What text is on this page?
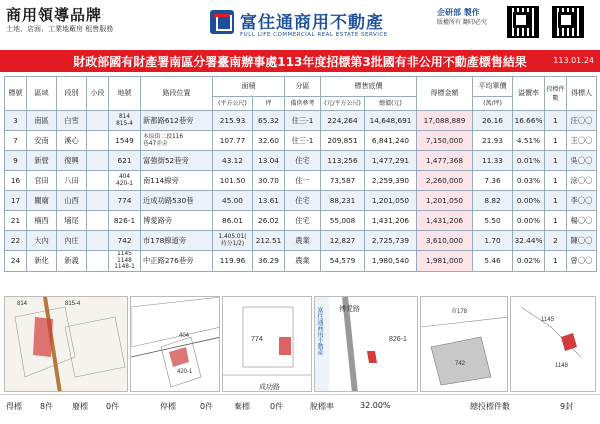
商用領導品牌
土地、店面、工業地廠房 租售服務	富住通商用不動產
FULL LIFE COMMERCIAL REAL ESTATE SERVICE
企研部 製作
版權所有 翻印必究
財政部國有財產署南區分署臺南辦事處113年度招標第3批國有非公用不動產標售結果	113.01.24
標號	區域	段別	小段	地號	路段位置	面積		分區	標售底價		得標金額	平均單價	溢價率	投標件數	得標人
						(平方公尺)	坪	備供參考	(元/平方公尺)	總價(元)		(萬/坪)			
3	南區	白雪		814
815-4	新都路612巷旁	215.93	65.32	住三-1	224,264	14,648,691	17,088,889	26.16	16.66%	1	汪〇〇
7	安南	溪心		1549	本原街二段116
巷47弄旁	107.77	32.60	住三-1	209,851	6,841,240	7,150,000	21.93	4.51%	1	王〇〇
9	新營	復興		621	富強街52巷旁	43.12	13.04	住宅	113,256	1,477,291	1,477,368	11.33	0.01%	1	吳〇〇
16	官田	八田		404
420-1	南114線旁	101.50	30.70	住一	73,587	2,259,390	2,260,000	7.36	0.03%	1	涂〇〇
17	關廟	山西		774	近成功路530巷	45.00	13.61	住宅	88,231	1,201,050	1,201,050	8.82	0.00%	1	李〇〇
21	楠西	埔尾		826-1	博愛路旁	86.01	26.02	住宅	55,008	1,431,206	1,431,206	5.50	0.00%	1	楊〇〇
22	大內	內庄		742	市178線道旁	1,405.01(
持分1/2)	212.51	農業	12,827	2,725,739	3,610,000	1.70	32.44%	2	陳〇〇
24	新化	新義		1145
1148
1148-1	中正路276巷旁	119.96	36.29	農業	54,579	1,980,540	1,981,000	5.46	0.02%	1	曾〇〇
814	815-4
404
420-1
774
成功路
富住通商用不動產 博愛路
826-1
市178
742
1145
1148
得標 8件 廢標 0件	停標	0件	棄標	0件	脫標率	32.00%	總投標件數	9封
